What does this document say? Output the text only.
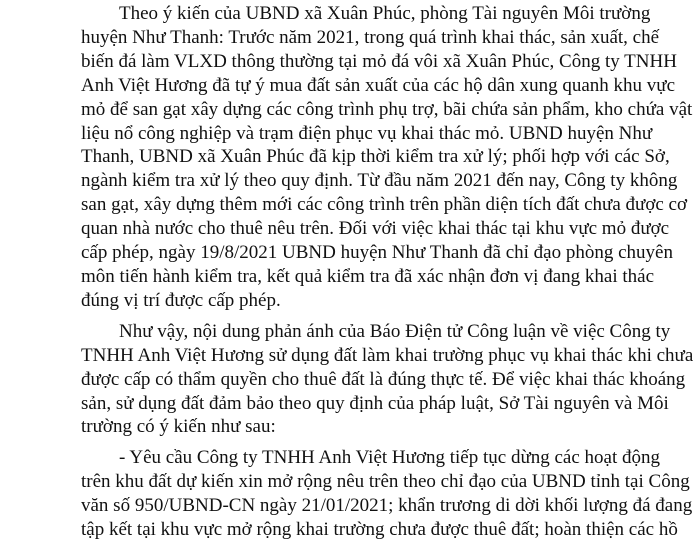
Theo ý kiến của UBND xã Xuân Phúc, phòng Tài nguyên Môi trường
huyện Như Thanh: Trước năm 2021, trong quá trình khai thác, sản xuất, chế
biến đá làm VLXD thông thường tại mỏ đá vôi xã Xuân Phúc, Công ty TNHH
Anh Việt Hương đã tự ý mua đất sản xuất của các hộ dân xung quanh khu vực
mỏ để san gạt xây dựng các công trình phụ trợ, bãi chứa sản phẩm, kho chứa vật
liệu nổ công nghiệp và trạm điện phục vụ khai thác mỏ. UBND huyện Như
Thanh, UBND xã Xuân Phúc đã kịp thời kiểm tra xử lý; phối hợp với các Sở,
ngành kiểm tra xử lý theo quy định. Từ đầu năm 2021 đến nay, Công ty không
san gạt, xây dựng thêm mới các công trình trên phần diện tích đất chưa được cơ
quan nhà nước cho thuê nêu trên. Đối với việc khai thác tại khu vực mỏ được
cấp phép, ngày 19/8/2021 UBND huyện Như Thanh đã chỉ đạo phòng chuyên
môn tiến hành kiểm tra, kết quả kiểm tra đã xác nhận đơn vị đang khai thác
đúng vị trí được cấp phép.

Như vậy, nội dung phản ánh của Báo Điện tử Công luận về việc Công ty
TNHH Anh Việt Hương sử dụng đất làm khai trường phục vụ khai thác khi chưa
được cấp có thẩm quyền cho thuê đất là đúng thực tế. Để việc khai thác khoáng
sản, sử dụng đất đảm bảo theo quy định của pháp luật, Sở Tài nguyên và Môi
trường có ý kiến như sau:

- Yêu cầu Công ty TNHH Anh Việt Hương tiếp tục dừng các hoạt động
trên khu đất dự kiến xin mở rộng nêu trên theo chỉ đạo của UBND tỉnh tại Công
văn số 950/UBND-CN ngày 21/01/2021; khẩn trương di dời khối lượng đá đang
tập kết tại khu vực mở rộng khai trường chưa được thuê đất; hoàn thiện các hồ
